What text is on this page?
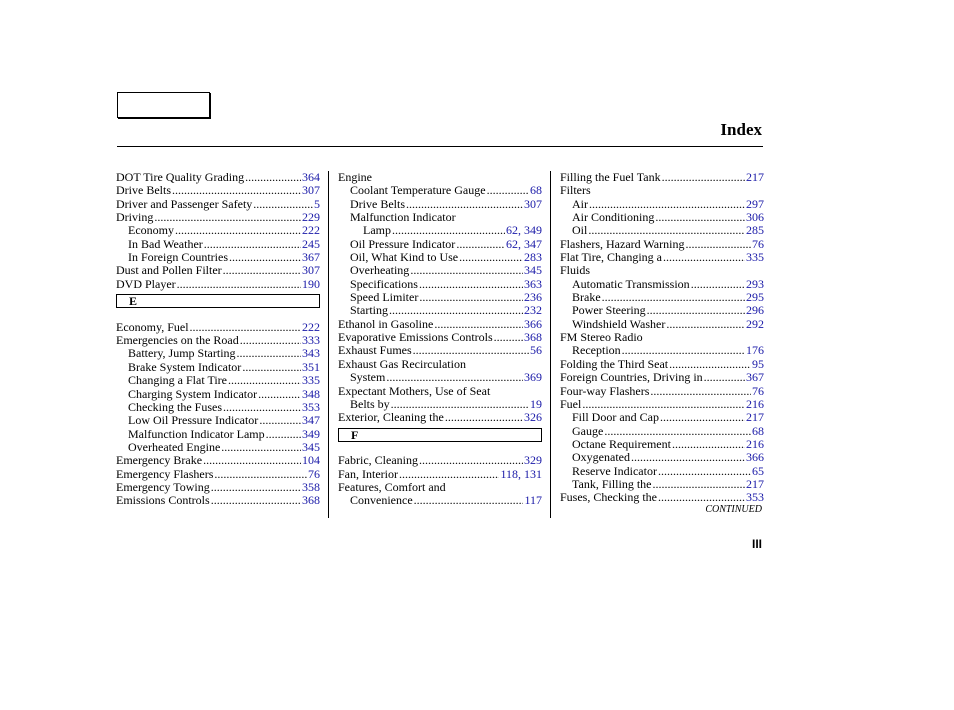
Index
DOT Tire Quality Grading .....	364
Drive Belts .....	307
Driver and Passenger Safety .....	5
Driving .....	229
Economy .....	222
In Bad Weather .....	245
In Foreign Countries .....	367
Dust and Pollen Filter .....	307
DVD Player .....	190
E
Economy, Fuel .....	222
Emergencies on the Road .....	333
Battery, Jump Starting .....	343
Brake System Indicator .....	351
Changing a Flat Tire .....	335
Charging System Indicator .....	348
Checking the Fuses .....	353
Low Oil Pressure Indicator .....	347
Malfunction Indicator Lamp .....	349
Overheated Engine .....	345
Emergency Brake .....	104
Emergency Flashers .....	76
Emergency Towing .....	358
Emissions Controls .....	368
Engine
Coolant Temperature Gauge .....	68
Drive Belts .....	307
Malfunction Indicator
Lamp .....	62, 349
Oil Pressure Indicator .....	62, 347
Oil, What Kind to Use .....	283
Overheating .....	345
Specifications .....	363
Speed Limiter .....	236
Starting .....	232
Ethanol in Gasoline .....	366
Evaporative Emissions Controls .....	368
Exhaust Fumes .....	56
Exhaust Gas Recirculation
System .....	369
Expectant Mothers, Use of Seat
Belts by .....	19
Exterior, Cleaning the .....	326
F
Fabric, Cleaning .....	329
Fan, Interior .....	118, 131
Features, Comfort and
Convenience .....	117
Filling the Fuel Tank .....	217
Filters
Air .....	297
Air Conditioning .....	306
Oil .....	285
Flashers, Hazard Warning .....	76
Flat Tire, Changing a .....	335
Fluids
Automatic Transmission .....	293
Brake .....	295
Power Steering .....	296
Windshield Washer .....	292
FM Stereo Radio
Reception .....	176
Folding the Third Seat .....	95
Foreign Countries, Driving in .....	367
Four-way Flashers .....	76
Fuel .....	216
Fill Door and Cap .....	217
Gauge .....	68
Octane Requirement .....	216
Oxygenated .....	366
Reserve Indicator .....	65
Tank, Filling the .....	217
Fuses, Checking the .....	353
CONTINUED
III
